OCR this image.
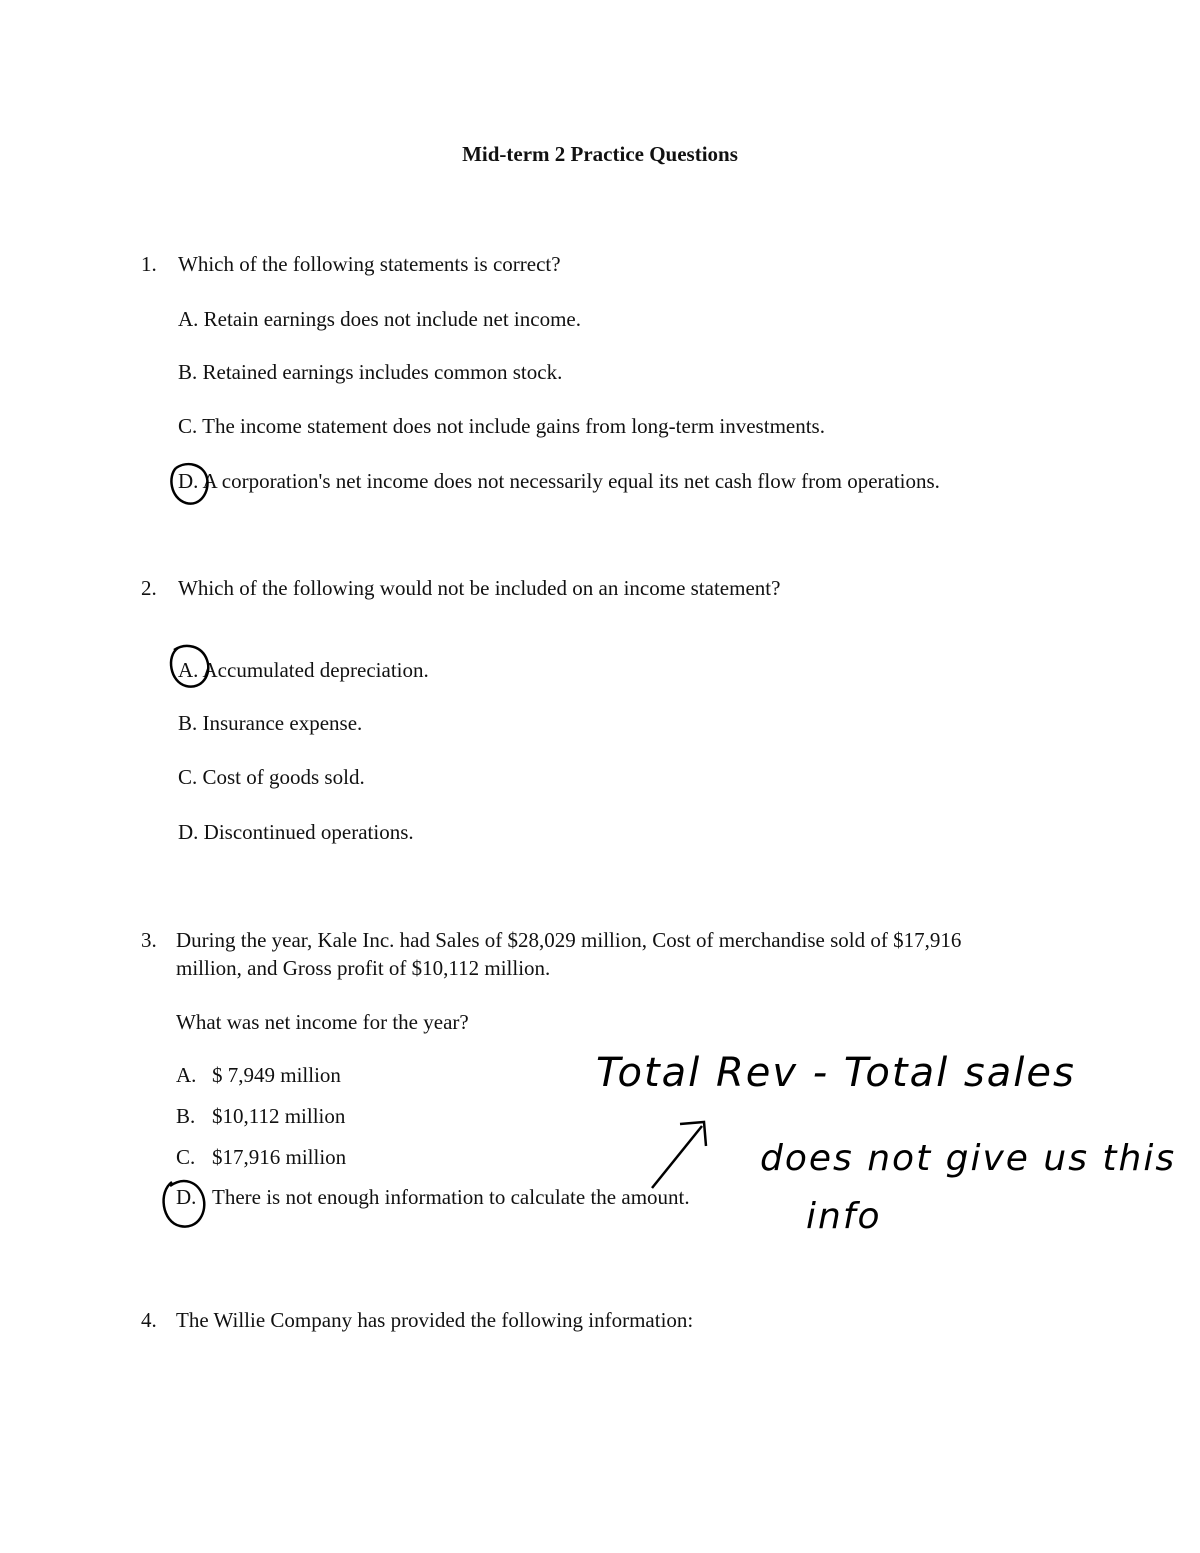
Mid-term 2 Practice Questions
1. Which of the following statements is correct?
A. Retain earnings does not include net income.
B. Retained earnings includes common stock.
C. The income statement does not include gains from long-term investments.
D. A corporation's net income does not necessarily equal its net cash flow from operations.
2. Which of the following would not be included on an income statement?
A. Accumulated depreciation.
B. Insurance expense.
C. Cost of goods sold.
D. Discontinued operations.
3. During the year, Kale Inc. had Sales of $28,029 million, Cost of merchandise sold of $17,916
million, and Gross profit of $10,112 million.
What was net income for the year?
A. $ 7,949 million
B. $10,112 million
C. $17,916 million
D. There is not enough information to calculate the amount.
4. The Willie Company has provided the following information:
Total Rev - Total sales
does not give us this
info
